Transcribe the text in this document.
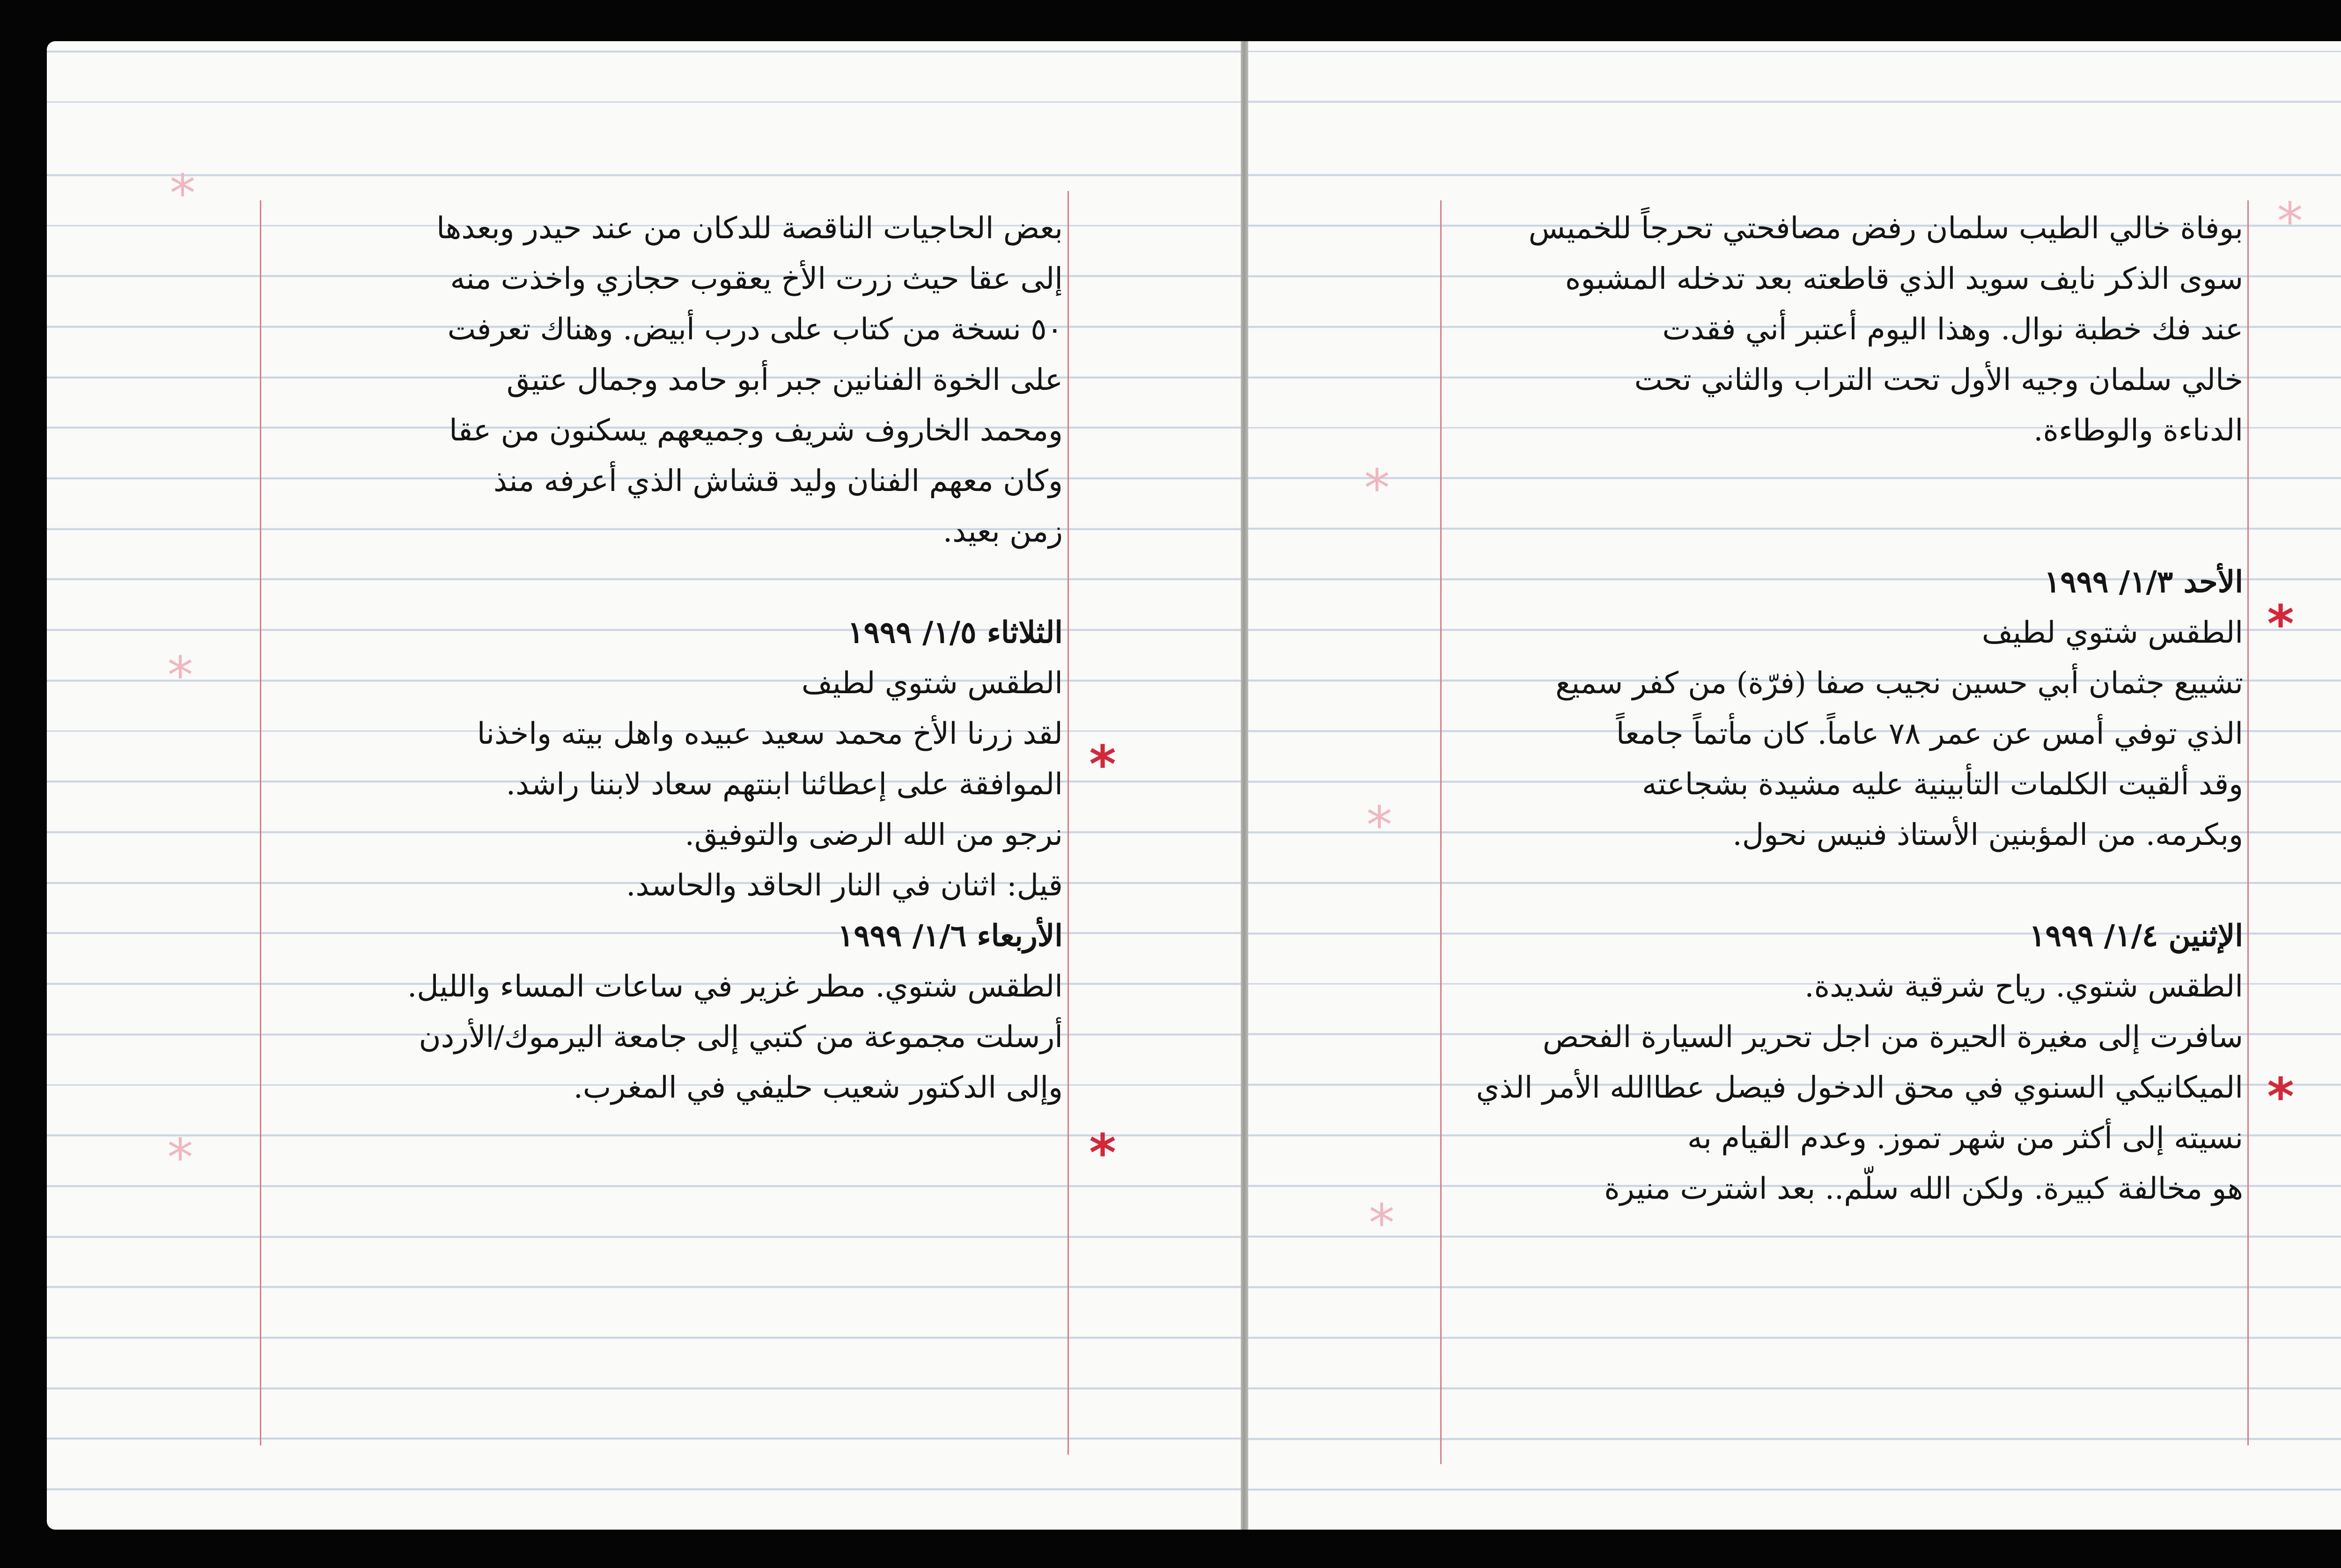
*
*
*
*
*
بعض الحاجيات الناقصة للدكان من عند حيدر وبعدها
إلى عقا حيث زرت الأخ يعقوب حجازي واخذت منه
٥٠ نسخة من كتاب على درب أبيض. وهناك تعرفت
على الخوة الفنانين جبر أبو حامد وجمال عتيق
ومحمد الخاروف شريف وجميعهم يسكنون من عقا
وكان معهم الفنان وليد قشاش الذي أعرفه منذ
زمن بعيد.
الثلاثاء ١/٥/ ١٩٩٩
الطقس شتوي لطيف
لقد زرنا الأخ محمد سعيد عبيده واهل بيته واخذنا
الموافقة على إعطائنا ابنتهم سعاد لابننا راشد.
نرجو من الله الرضى والتوفيق.
قيل: اثنان في النار الحاقد والحاسد.
الأربعاء ١/٦/ ١٩٩٩
الطقس شتوي. مطر غزير في ساعات المساء والليل.
أرسلت مجموعة من كتبي إلى جامعة اليرموك/الأردن
وإلى الدكتور شعيب حليفي في المغرب.
*
*
*
*
*
*
بوفاة خالي الطيب سلمان رفض مصافحتي تحرجاً للخميس
سوى الذكر نايف سويد الذي قاطعته بعد تدخله المشبوه
عند فك خطبة نوال. وهذا اليوم أعتبر أني فقدت
خالي سلمان وجيه الأول تحت التراب والثاني تحت
الدناءة والوطاءة.
الأحد ١/٣/ ١٩٩٩
الطقس شتوي لطيف
تشييع جثمان أبي حسين نجيب صفا (فرّة) من كفر سميع
الذي توفي أمس عن عمر ٧٨ عاماً. كان مأتماً جامعاً
وقد ألقيت الكلمات التأبينية عليه مشيدة بشجاعته
وبكرمه. من المؤبنين الأستاذ فنيس نحول.
الإثنين ١/٤/ ١٩٩٩
الطقس شتوي. رياح شرقية شديدة.
سافرت إلى مغيرة الحيرة من اجل تحرير السيارة الفحص
الميكانيكي السنوي في محق الدخول فيصل عطاالله الأمر الذي
نسيته إلى أكثر من شهر تموز. وعدم القيام به
هو مخالفة كبيرة. ولكن الله سلّم.. بعد اشترت منيرة
